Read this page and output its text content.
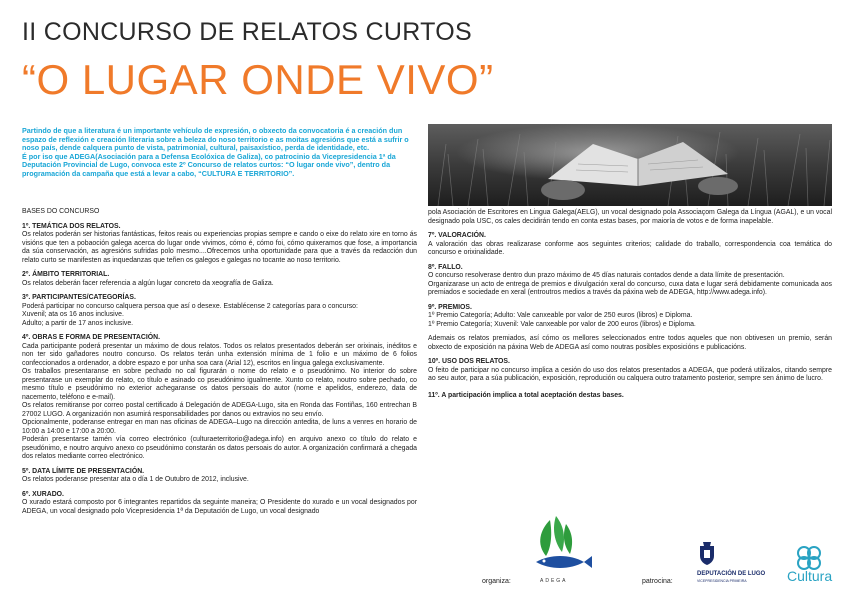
II CONCURSO DE RELATOS CURTOS
“O LUGAR ONDE VIVO”

Partindo de que a literatura é un importante vehículo de expresión, o obxecto da convocatoria é a creación dun espazo de reflexión e creación literaria sobre a beleza do noso territorio e as moitas agresións que está a sufrir o noso país, dende calquera punto de vista, patrimonial, cultural, paisaxístico, perda de identidade, etc.

É por iso que ADEGA(Asociación para a Defensa Ecolóxica de Galiza), co patrocinio da Vicepresidencia 1ª da Deputación Provincial de Lugo, convoca este 2º Concurso de relatos curtos: “O lugar onde vivo”, dentro da programación da campaña que está a levar a cabo, “CULTURA E TERRITORIO”.

BASES DO CONCURSO
1º. TEMÁTICA DOS RELATOS.

Os relatos poderán ser historias fantásticas, feitos reais ou experiencias propias sempre e cando o eixe do relato xire en torno ás visións que ten a pobaoción galega acerca do lugar onde vivimos, cómo é, cómo foi, cómo quixeramos que fose, a importancia da súa conservación, as agresións sufridas polo mesmo....Ofrecemos unha oportunidade para que a través da redacción dun relato curto se manifesten as inquedanzas que teñen os galegos e galegas no tocante ao noso territorio.

2º. ÁMBITO TERRITORIAL.

Os relatos deberán facer referencia a algún lugar concreto da xeografía de Galiza.

3º. PARTICIPANTES/CATEGORÍAS.

Poderá participar no concurso calquera persoa que así o desexe. Establécense 2 categorías para o concurso:

Xuvenil; ata os 16 anos inclusive.

Adulto; a partir de 17 anos inclusive.

4º. OBRAS E FORMA DE PRESENTACIÓN.

Cada participante poderá presentar un máximo de dous relatos. Todos os relatos presentados deberán ser orixinais, inéditos e non ter sido gañadores noutro concurso. Os relatos terán unha extensión mínima de 1 folio e un máximo de 6 folios confeccionados a ordenador, a dobre espazo e por unha soa cara (Arial 12), escritos en lingua galega exclusivamente.

Os traballos presentaranse en sobre pechado no cal figurarán o nome do relato e o pseudónimo. No interior do sobre presentarase un exemplar do relato, co título e asinado co pseudónimo igualmente. Xunto co relato, noutro sobre pechado, co mesmo título e pseudónimo no exterior achegaranse os datos persoais do autor (nome e apelidos, enderezo, data de nacemento, teléfono e e-mail).

Os relatos remitiranse por correo postal certificado á Delegación de ADEGA-Lugo, sita en Ronda das Fontiñas, 160 entrechan B 27002 LUGO. A organización non asumirá responsabilidades por danos ou extravios no seu envío.

Opcionalmente, poderanse entregar en man nas oficinas de ADEGA–Lugo na dirección antedita, de luns a venres en horario de 10:00 a 14:00 e 17:00 a 20:00.

Poderán presentarse tamén vía correo electrónico (culturaeterritorio@adega.info) en arquivo anexo co título do relato e pseudónimo, e noutro arquivo anexo co pseudónimo constarán os datos persoais do autor. A organización confirmará a chegada dos relatos mediante correo electrónico.

5º. DATA LÍMITE DE PRESENTACIÓN.

Os relatos poderanse presentar ata o día 1 de Outubro de 2012, inclusive.

6º. XURADO.

O xurado estará composto por 6 integrantes repartidos da seguinte maneira; O Presidente do xurado e un vocal designados por ADEGA, un vocal designado polo Vicepresidencia 1ª da Deputación de Lugo, un vocal designado

pola Asociación de Escritores en Lingua Galega(AELG), un vocal designado pola Associaçom Galega da Língua (AGAL), e un vocal designado pola USC, os cales decidirán tendo en conta estas bases, por maioría de votos e de forma inapelable.

7º. VALORACIÓN.

A valoración das obras realizarase conforme aos seguintes criterios; calidade do traballo, correspondencia coa temática do concurso e orixinalidade.

8º. FALLO.

O concurso resolverase dentro dun prazo máximo de 45 días naturais contados dende a data límite de presentación.

Organizarase un acto de entrega de premios e divulgación xeral do concurso, cuxa data e lugar será debidamente comunicada aos premiados e sociedade en xeral (entroutros medios a través da páxina web de ADEGA, http://www.adega.info).

9º. PREMIOS.

1º Premio Categoría; Adulto: Vale canxeable por valor de 250 euros (libros) e Diploma.

1º Premio Categoría; Xuvenil: Vale canxeable por valor de 200 euros (libros) e Diploma.

Ademais os relatos premiados, así cómo os mellores seleccionados entre todos aqueles que non obtivesen un premio, serán obxecto de exposición na páxina Web de ADEGA así como noutras posibles exposicións e publicacións.

10º. USO DOS RELATOS.

O feito de participar no concurso implica a cesión do uso dos relatos presentados a ADEGA, que poderá utilizalos, citando sempre ao seu autor, para a súa publicación, exposición, reprodución ou calquera outro tratamento posterior, sempre sen ánimo de lucro.

11º. A participación implica a total aceptación destas bases.
organiza:	ADEGA	patrocina:
DEPUTACIÓN DE LUGO
VICEPRESIDENCIA PRIMEIRA	Cultura
